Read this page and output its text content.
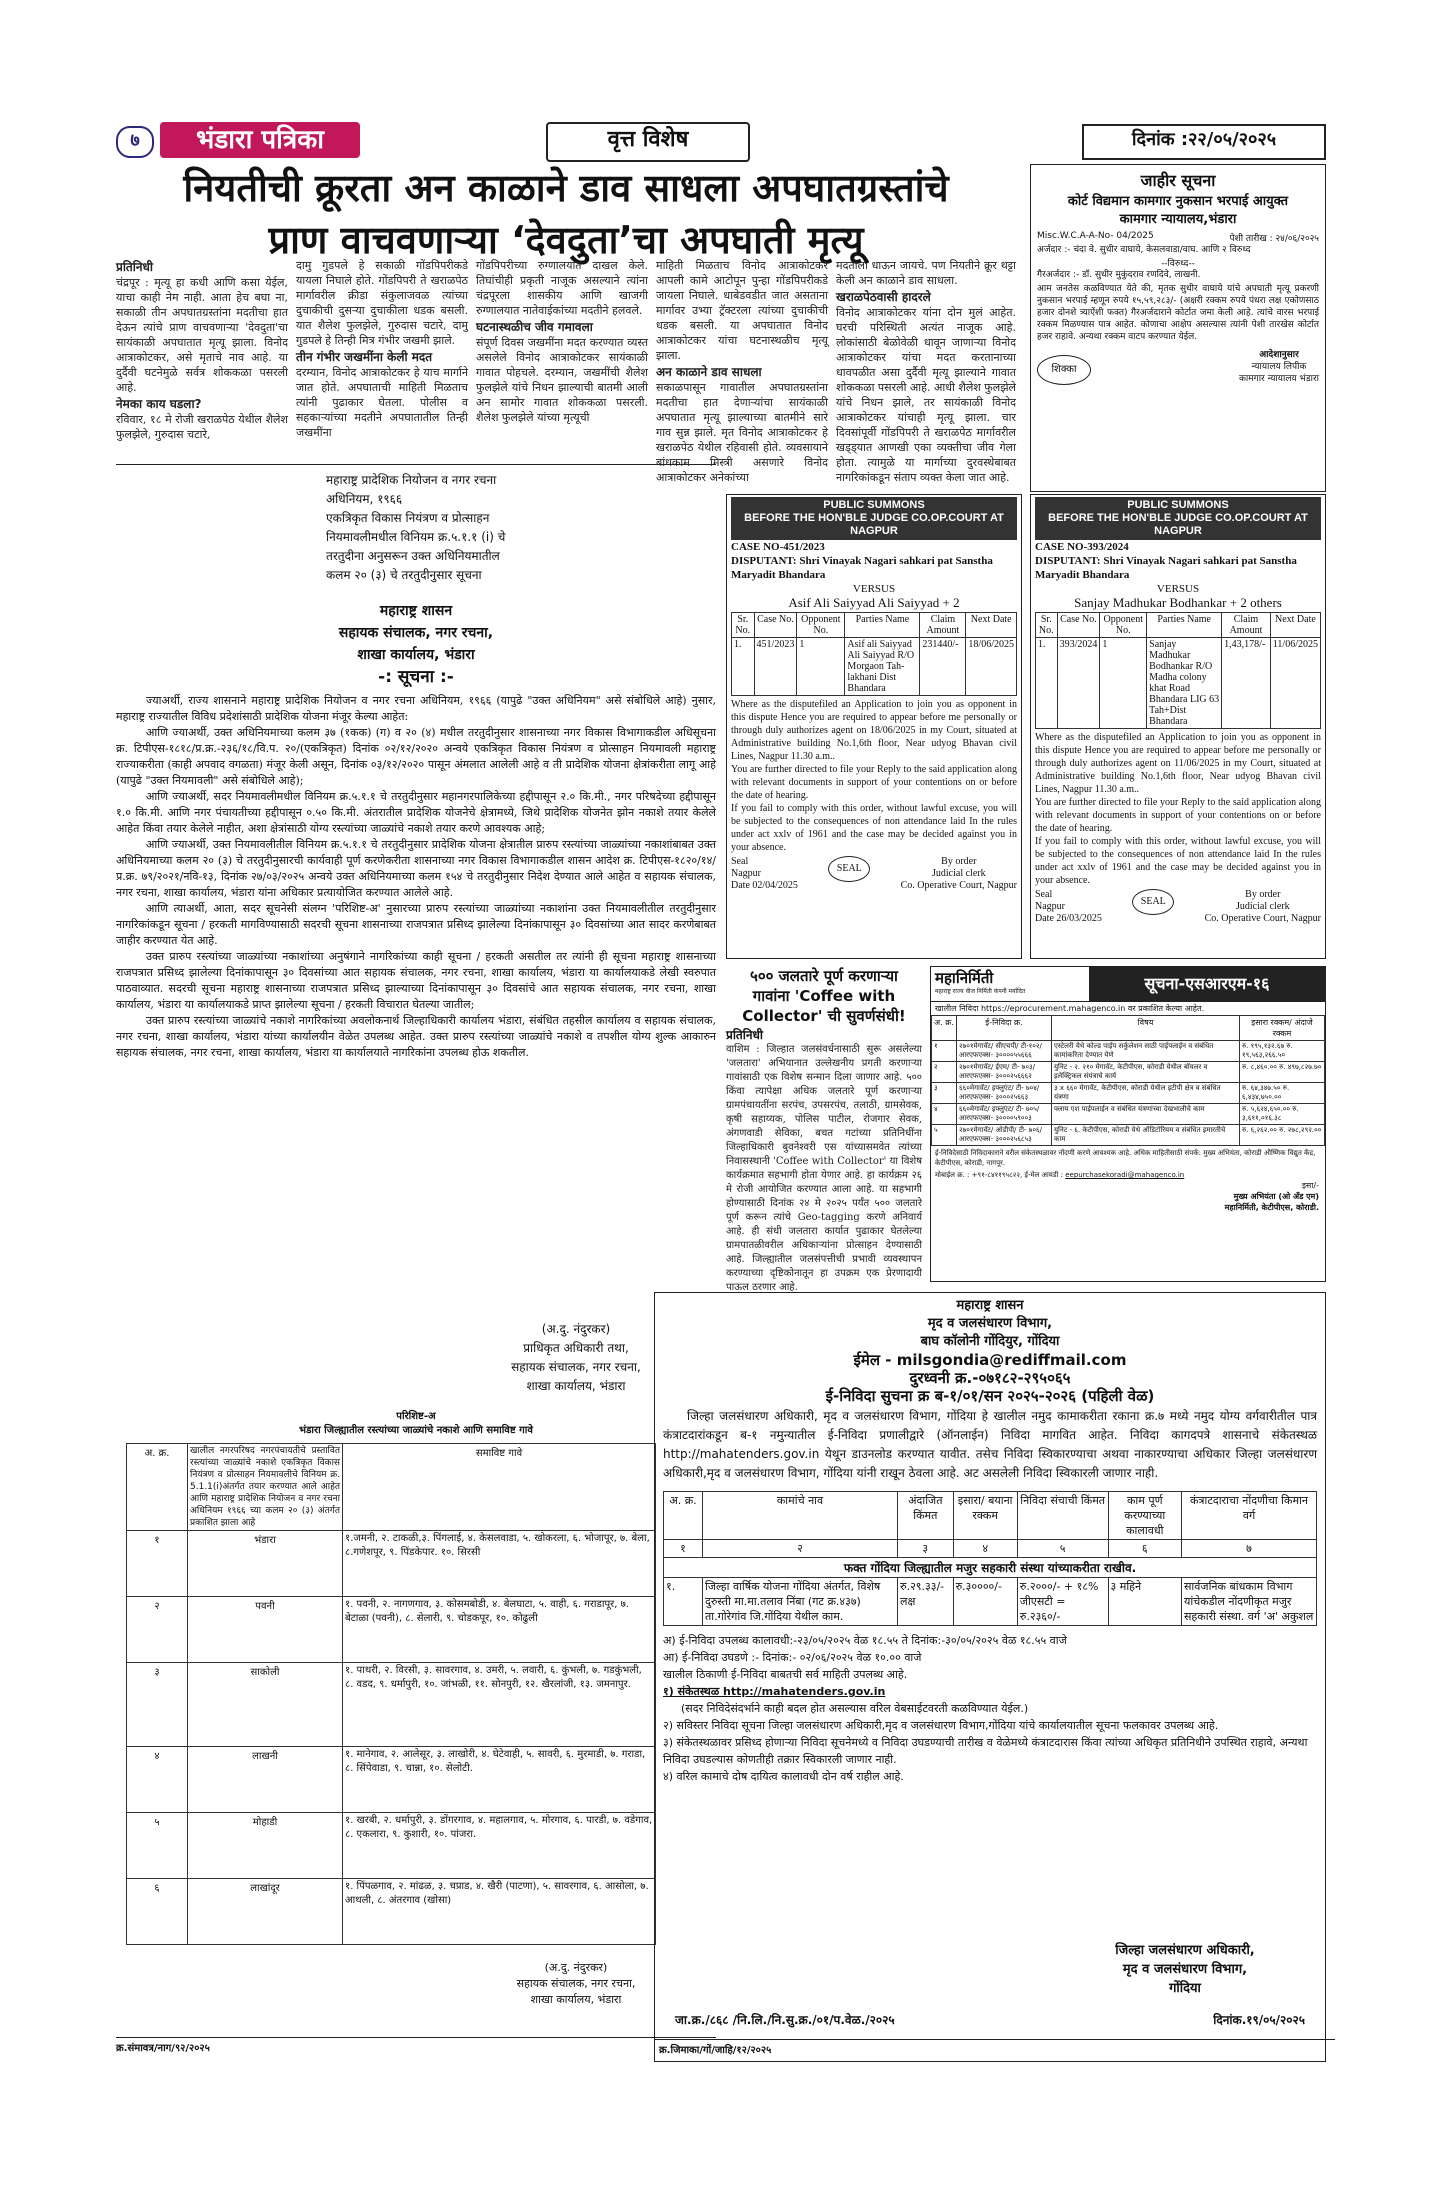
७	भंडारा पत्रिका	वृत्त विशेष	दिनांक :२२/०५/२०२५
नियतीची क्रूरता अन काळाने डाव साधला अपघातग्रस्तांचे
प्राण वाचवणाऱ्या ‘देवदुता’चा अपघाती मृत्यू
प्रतिनिधी
चंद्रपूर : मृत्यू हा कधी आणि कसा येईल, याचा काही नेम नाही. आता हेच बघा ना, सकाळी तीन अपघातग्रस्तांना मदतीचा हात देऊन त्यांचे प्राण वाचवणाऱ्या 'देवदुता'चा सायंकाळी अपघातात मृत्यू झाला. विनोद आत्राकोटकर, असे मृताचे नाव आहे. या दुर्दैवी घटनेमुळे सर्वत्र शोककळा पसरली आहे.
नेमका काय घडला?
रविवार, १८ मे रोजी खराळपेठ येथील शैलेश फुलझेले, गुरुदास चटारे,
दामु गुडपले हे सकाळी गोंडपिपरीकडे यायला निघाले होते. गोंडपिपरी ते खराळपेठ मार्गावरील क्रीडा संकुलाजवळ त्यांच्या दुचाकीची दुसऱ्या दुचाकीला धडक बसली. यात शैलेश फुलझेले, गुरुदास चटारे, दामु गुडपले हे तिन्ही मित्र गंभीर जखमी झाले.
तीन गंभीर जखमींना केली मदत
दरम्यान, विनोद आत्राकोटकर हे याच मार्गाने जात होते. अपघाताची माहिती मिळताच त्यांनी पुढाकार घेतला. पोलीस व सहकाऱ्यांच्या मदतीने अपघातातील तिन्ही जखमींना
गोंडपिपरीच्या रुग्णालयात दाखल केले. तिघांचीही प्रकृती नाजूक असल्याने त्यांना चंद्रपूरला शासकीय आणि खाजगी रुग्णालयात नातेवाईकांच्या मदतीने हलवले.
घटनास्थळीच जीव गमावला
संपूर्ण दिवस जखमींना मदत करण्यात व्यस्त असलेले विनोद आत्राकोटकर सायंकाळी गावात पोहचले. दरम्यान, जखमींची शैलेश फुलझेले यांचे निधन झाल्याची बातमी आली अन सामोर गावात शोककळा पसरली. शैलेश फुलझेले यांच्या मृत्यूची
माहिती मिळताच विनोद आत्राकोटकर आपली कामे आटोपून पुन्हा गोंडपिपरीकडे जायला निघाले. धाबेडवडीत जात असताना मार्गावर उभ्या ट्रॅक्टरला त्यांच्या दुचाकीची धडक बसली. या अपघातात विनोद आत्राकोटकर यांचा घटनास्थळीच मृत्यू झाला.
अन काळाने डाव साधला
सकाळपासून गावातील अपघातग्रस्तांना मदतीचा हात देणाऱ्यांचा सायंकाळी अपघातात मृत्यू झाल्याच्या बातमीने सारे गाव सुन्न झाले. मृत विनोद आत्राकोटकर हे खराळपेठ येथील रहिवासी होते. व्यवसायाने बांधकाम मिस्त्री असणारे विनोद आत्राकोटकर अनेकांच्या
मदतीला धाऊन जायचे. पण नियतीने क्रूर थट्टा केली अन काळाने डाव साधला.
खराळपेठवासी हादरले
विनोद आत्राकोटकर यांना दोन मुलं आहेत. घरची परिस्थिती अत्यंत नाजूक आहे. लोकांसाठी बेळोवेळी धावून जाणाऱ्या विनोद आत्राकोटकर यांचा मदत करतानाच्या धावपळीत असा दुर्दैवी मृत्यू झाल्याने गावात शोककळा पसरली आहे. आधी शैलेश फुलझेले यांचे निधन झाले, तर सायंकाळी विनोद आत्राकोटकर यांचाही मृत्यू झाला. चार दिवसांपूर्वी गोंडपिपरी ते खराळपेठ मार्गावरील खड्ड्यात आणखी एका व्यक्तीचा जीव गेला होता. त्यामुळे या मार्गाच्या दुरवस्थेबाबत नागरिकांकडून संताप व्यक्त केला जात आहे.
जाहीर सूचना
कोर्ट विद्यमान कामगार नुकसान भरपाई आयुक्त
कामगार न्यायालय,भंडारा
Misc.W.C.A-A-No- 04/2025	पेशी तारीख : २४/०६/२०२५
अर्जदार :- चंदा वे. सुधीर वाघाये, केसलवाडा/वाघ. आणि २ विरुध्द
--विरुध्द--
गैरअर्जदार :- डॉ. सुधीर मुकुंदराव रणदिवे, लाखनी.
आम जनतेस कळविण्यात येते की, मृतक सुधीर वाघाये यांचे अपघाती मृत्यू प्रकरणी नुकसान भरपाई म्हणून रुपये १५,५९,२८३/- (अक्षरी रक्कम रुपये पंधरा लक्ष एकोणसाठ हजार दोनशे त्र्याऐंशी फक्त) गैरअर्जदाराने कोर्टात जमा केली आहे. त्यांचे वारस भरपाई रक्कम मिळण्यास पात्र आहेत. कोणाचा आक्षेप असल्यास त्यांनी पेशी तारखेस कोर्टात हजर राहावे. अन्यथा रक्कम वाटप करण्यात येईल.
शिक्का
आदेशानुसार
न्यायालय लिपीक
कामगार न्यायालय भंडारा
PUBLIC SUMMONS
BEFORE THE HON'BLE JUDGE CO.OP.COURT AT NAGPUR
CASE NO-451/2023
DISPUTANT: Shri Vinayak Nagari sahkari pat Sanstha Maryadit Bhandara
VERSUS
Asif Ali Saiyyad Ali Saiyyad + 2
Sr. No.	Case No.	Opponent No.	Parties Name	Claim Amount	Next Date
1.	451/2023	1	Asif ali Saiyyad Ali Saiyyad R/O Morgaon Tah- lakhani Dist Bhandara	231440/-	18/06/2025
Where as the disputefiled an Application to join you as opponent in this dispute Hence you are required to appear before me personally or through duly authorizes agent on 18/06/2025 in my Court, situated at Administrative building No.1,6th floor, Near udyog Bhavan civil Lines, Nagpur 11.30 a.m..
You are further directed to file your Reply to the said application along with relevant documents in support of your contentions on or before the date of hearing.
If you fail to comply with this order, without lawful excuse, you will be subjected to the consequences of non attendance laid In the rules under act xxlv of 1961 and the case may be decided against you in your absence.
Seal
Nagpur
Date 02/04/2025
SEAL
By order
Judicial clerk
Co. Operative Court, Nagpur
PUBLIC SUMMONS
BEFORE THE HON'BLE JUDGE CO.OP.COURT AT NAGPUR
CASE NO-393/2024
DISPUTANT: Shri Vinayak Nagari sahkari pat Sanstha Maryadit Bhandara
VERSUS
Sanjay Madhukar Bodhankar + 2 others
Sr. No.	Case No.	Opponent No.	Parties Name	Claim Amount	Next Date
1.	393/2024	1	Sanjay Madhukar Bodhankar R/O Madha colony khat Road Bhandara LIG 63 Tah+Dist Bhandara	1,43,178/-	11/06/2025
Where as the disputefiled an Application to join you as opponent in this dispute Hence you are required to appear before me personally or through duly authorizes agent on 11/06/2025 in my Court, situated at Administrative building No.1,6th floor, Near udyog Bhavan civil Lines, Nagpur 11.30 a.m..
You are further directed to file your Reply to the said application along with relevant documents in support of your contentions on or before the date of hearing.
If you fail to comply with this order, without lawful excuse, you will be subjected to the consequences of non attendance laid In the rules under act xxlv of 1961 and the case may be decided against you in your absence.
Seal
Nagpur
Date 26/03/2025
SEAL
By order
Judicial clerk
Co. Operative Court, Nagpur
महाराष्ट्र प्रादेशिक नियोजन व नगर रचना
अधिनियम, १९६६
एकत्रिकृत विकास नियंत्रण व प्रोत्साहन
नियमावलीमधील विनियम क्र.५.१.१ (i) चे
तरतुदीना अनुसरून उक्त अधिनियमातील
कलम २० (३) चे तरतुदीनुसार सूचना
महाराष्ट्र शासन
सहायक संचालक, नगर रचना,
शाखा कार्यालय, भंडारा
-: सूचना :-
ज्याअर्थी, राज्य शासनाने महाराष्ट्र प्रादेशिक नियोजन व नगर रचना अधिनियम, १९६६ (यापुढे "उक्त अधिनियम" असे संबोधिले आहे) नुसार, महाराष्ट्र राज्यातील विविध प्रदेशांसाठी प्रादेशिक योजना मंजूर केल्या आहेत:
आणि ज्याअर्थी, उक्त अधिनियमाच्या कलम ३७ (१कक) (ग) व २० (४) मधील तरतुदीनुसार शासनाच्या नगर विकास विभागाकडील अधिसूचना क्र. टिपीएस-१८१८/प्र.क्र.-२३६/१८/वि.प. २०/(एकत्रिकृत) दिनांक ०२/१२/२०२० अन्वये एकत्रिकृत विकास नियंत्रण व प्रोत्साहन नियमावली महाराष्ट्र राज्याकरीता (काही अपवाद वगळता) मंजूर केली असून, दिनांक ०३/१२/२०२० पासून अंमलात आलेली आहे व ती प्रादेशिक योजना क्षेत्रांकरीता लागू आहे (यापुढे "उक्त नियमावली" असे संबोधिले आहे);
आणि ज्याअर्थी, सदर नियमावलीमधील विनियम क्र.५.१.१ चे तरतुदीनुसार महानगरपालिकेच्या हद्दीपासून २.० कि.मी., नगर परिषदेच्या हद्दीपासून १.० कि.मी. आणि नगर पंचायतीच्या हद्दीपासून ०.५० कि.मी. अंतरातील प्रादेशिक योजनेचे क्षेत्रामध्ये, जिथे प्रादेशिक योजनेत झोन नकाशे तयार केलेले आहेत किंवा तयार केलेले नाहीत, अशा क्षेत्रांसाठी योग्य रस्त्यांच्या जाळ्यांचे नकाशे तयार करणे आवश्यक आहे;
आणि ज्याअर्थी, उक्त नियमावलीतील विनियम क्र.५.१.१ चे तरतुदीनुसार प्रादेशिक योजना क्षेत्रातील प्रारुप रस्त्यांच्या जाळ्यांच्या नकाशांबाबत उक्त अधिनियमाच्या कलम २० (३) चे तरतुदीनुसारची कार्यवाही पूर्ण करणेकरीता शासनाच्या नगर विकास विभागाकडील शासन आदेश क्र. टिपीएस-१८२०/१४/प्र.क्र. ७९/२०२१/नवि-१३, दिनांक २७/०३/२०२५ अन्वये उक्त अधिनियमाच्या कलम १५४ चे तरतुदीनुसार निदेश देण्यात आले आहेत व सहायक संचालक, नगर रचना, शाखा कार्यालय, भंडारा यांना अधिकार प्रत्यायोजित करण्यात आलेले आहे.
आणि त्याअर्थी, आता, सदर सूचनेसी संलग्न 'परिशिष्ट-अ' नुसारच्या प्रारुप रस्त्यांच्या जाळ्यांच्या नकाशांना उक्त नियमावलीतील तरतुदीनुसार नागरिकांकडून सूचना / हरकती मागविण्यासाठी सदरची सूचना शासनाच्या राजपत्रात प्रसिध्द झालेल्या दिनांकापासून ३० दिवसांच्या आत सादर करणेबाबत जाहीर करण्यात येत आहे.
उक्त प्रारुप रस्त्यांच्या जाळ्यांच्या नकाशांच्या अनुषंगाने नागरिकांच्या काही सूचना / हरकती असतील तर त्यांनी ही सूचना महाराष्ट्र शासनाच्या राजपत्रात प्रसिध्द झालेल्या दिनांकापासून ३० दिवसांच्या आत सहायक संचालक, नगर रचना, शाखा कार्यालय, भंडारा या कार्यालयाकडे लेखी स्वरुपात पाठवाव्यात. सदरची सूचना महाराष्ट्र शासनाच्या राजपत्रात प्रसिध्द झाल्याच्या दिनांकापासून ३० दिवसांचे आत सहायक संचालक, नगर रचना, शाखा कार्यालय, भंडारा या कार्यालयाकडे प्राप्त झालेल्या सूचना / हरकती विचारात घेतल्या जातील;
उक्त प्रारुप रस्त्यांच्या जाळ्यांचे नकाशे नागरिकांच्या अवलोकनार्थ जिल्हाधिकारी कार्यालय भंडारा, संबंधित तहसील कार्यालय व सहायक संचालक, नगर रचना, शाखा कार्यालय, भंडारा यांच्या कार्यालयीन वेळेत उपलब्ध आहेत. उक्त प्रारुप रस्त्यांच्या जाळ्यांचे नकाशे व तपशील योग्य शुल्क आकारुन सहायक संचालक, नगर रचना, शाखा कार्यालय, भंडारा या कार्यालयाते नागरिकांना उपलब्ध होऊ शकतील.
(अ.दु. नंदुरकर)
प्राधिकृत अधिकारी तथा,
सहायक संचालक, नगर रचना,
शाखा कार्यालय, भंडारा
परिशिष्ट-अ
भंडारा जिल्ह्यातील रस्त्यांच्या जाळ्यांचे नकाशे आणि समाविष्ट गावे
अ. क्र.	खालील नगरपरिषद नगरपंचायतीचे प्रस्तावित रस्त्यांच्या जाळ्यांचे नकाशे एकत्रिकृत विकास नियंत्रण व प्रोत्साहन नियमावलीचे विनियम क्र. 5.1.1(i)अंतर्गत तयार करण्यात आले आहेत आणि महाराष्ट्र प्रादेशिक नियोजन व नगर रचना अधिनियम १९६६ च्या कलम २० (३) अंतर्गत प्रकाशित झाला आहे	समाविष्ट गावे
१	भंडारा	१.जमनी, २. टाकळी,३. पिंगलाई, ४. केसलवाडा, ५. खोकरला, ६. भोजापूर, ७. बेला, ८.गणेशपूर, ९. पिंडकेपार. १०. सिरसी
२	पवनी	१. पवनी, २. नागणगाव, ३. कोसमबोडी, ४. बेलघाटा, ५. वाही, ६. गराडापूर, ७. बेटाळा (पवनी), ८. सेलारी, ९. चोडकपूर, १०. कोढुली
३	साकोली	१. पाथरी, २. विरसी, ३. सावरगाव, ४. उमरी, ५. लवारी, ६. कुंभली, ७. गडकुंभली, ८. वडद, ९. धर्मापुरी, १०. जांभळी, ११. सोनपुरी, १२. खैरलांजी, १३. जमनापुर.
४	लाखनी	१. मानेगाव, २. आलेसूर, ३. लाखोरी, ४. घेटेवाही, ५. सावरी, ६. मुरमाडी, ७. गराडा, ८. सिंपेवाडा, ९. चान्ना, १०. सेलोटी.
५	मोहाडी	१. खरबी, २. धर्मापुरी, ३. डोंगरगाव, ४. महालगाव, ५. मोरगाव, ६. पारडी, ७. वडेगाव, ८. एकलारा, ९. कुशारी, १०. पांजरा.
६	लाखांदूर	१. पिंपळगाव, २. मांढळ, ३. चप्राड, ४. खैरी (पाटणा), ५. सावरगाव, ६. आसोला, ७. आथली, ८. अंतरगाव (खोसा)
(अ.दु. नंदुरकर)
सहायक संचालक, नगर रचना,
शाखा कार्यालय, भंडारा
क्र.संमावत्र/नाग/९२/२०२५
५०० जलतारे पूर्ण करणाऱ्या
गावांना 'Coffee with
Collector' ची सुवर्णसंधी!
प्रतिनिधी
वाशिम : जिल्हात जलसंवर्धनासाठी सुरू असलेल्या 'जलतारा' अभियानात उल्लेखनीय प्रगती करणाऱ्या गावांसाठी एक विशेष सन्मान दिला जाणार आहे. ५०० किंवा त्यापेक्षा अधिक जलतारे पूर्ण करणाऱ्या ग्रामपंचायतींना सरपंच, उपसरपंच, तलाठी, ग्रामसेवक, कृषी सहाय्यक, पोलिस पाटील, रोजगार सेवक, अंगणवाडी सेविका, बचत गटांच्या प्रतिनिधींना जिल्हाधिकारी बुवनेश्वरी एस यांच्यासमवेत त्यांच्या निवासस्थानी 'Coffee with Collector' या विशेष कार्यक्रमात सहभागी होता येणार आहे. हा कार्यक्रम २६ मे रोजी आयोजित करण्यात आला आहे. या सहभागी होण्यासाठी दिनांक २४ मे २०२५ पर्यंत ५०० जलतारे पूर्ण करून त्यांचे Geo-tagging करणे अनिवार्य आहे. ही संधी जलतारा कार्यात पुढाकार घेतलेल्या ग्रामपातळीवरील अधिकाऱ्यांना प्रोत्साहन देण्यासाठी आहे. जिल्ह्यातील जलसंपत्तीची प्रभावी व्यवस्थापन करण्याच्या दृष्टिकोनातून हा उपक्रम एक प्रेरणादायी पाऊल ठरणार आहे.
महानिर्मिती
महाराष्ट्र राज्य वीज निर्मिती कंपनी मर्यादित	सूचना-एसआरएम-१६
खालील निविदा https://eprocurement.mahagenco.in वर प्रकाशित केल्या आहेत.
अ. क्र.	ई-निविदा क्र.	विषय	इसारा रक्कम/ अंदाजे रक्कम
१	२७०१मेगावॅट/ सीएचपी/ टी-१०२/ आरएफएक्स- ३००००५५६६६	एस्टेलरी येथे कोल्ड पाईप सर्कुलेशन साठी पाईपलाईन व संबंधित कामांकरिता देण्यात येणे	रु. १९५,१३२.६७ रु. १९,५६३,२६६.५०
२	२७०१मेगावॅट/ ईएम/ टी- ७०३/ आरएफएक्स- ३०००२५६६६२	युनिट - २. २१० मेगावॅट, केटीपीएस, कोराडी येथील बॉयलर व इलेक्ट्रिकल संयंत्राचे कार्य	रु. ८,४६०.०० रु. ४९७,८२७.७०
३	६६०मेगावॅट/ इफ्लुएंट/ टी- ७०४/ आरएफएक्स- ३०००२५६६३	३ x ६६० मेगावॅट, केटीपीएस, कोराडी येथील इटीपी क्षेत्र व संबंधित यंत्रणा	रु. ६४,३४७.५० रु. ६,४३४,७५०.००
४	६६०मेगावॅट/ इफ्लुएंट/ टी- ७०५/ आरएफएक्स- ३००००५९००३	फ्लाय एश पाईपलाईन व संबंधित यंत्रणांच्या देखभालीचे काम	रु. ५,६२४,६५०.०० रु. ३,६११,०१६.३८
५	२७०१मेगावॅट/ ओडीपी/ टी- ७०६/ आरएफएक्स- ३०००२५६८५३	युनिट - ६. केटीपीएस, कोराडी येथे ऑडिटोरियम व संबंधित इमारतीचे काम	रु. ६,२६२.०० रु. २७८,२९२.००
ई-निविदेसाठी निविदाकाराने वरील संकेतस्थळावर नोंदणी करणे आवश्यक आहे. अधिक माहितीसाठी संपर्क: मुख्य अभियंता, कोराडी औष्णिक विद्युत केंद्र, केटीपीएस, कोराडी, नागपूर.
मोबाईल क्र. : +९१-८४११९५८२२, ई-मेल आयडी : eepurchasekoradi@mahagenco.in
इसा/-
मुख्य अभियंता (ओ अँड एम)
महानिर्मिती, केटीपीएस, कोराडी.
महाराष्ट्र शासन
मृद व जलसंधारण विभाग,
बाघ कॉलोनी गोंदियुर, गोंदिया
ईमेल - milsgondia@rediffmail.com
दुरध्वनी क्र.-०७१८२-२९५०६५
ई-निविदा सुचना क्र ब-१/०१/सन २०२५-२०२६ (पहिली वेळ)
जिल्हा जलसंधारण अधिकारी, मृद व जलसंधारण विभाग, गोंदिया हे खालील नमुद कामाकरीता रकाना क्र.७ मध्ये नमुद योग्य वर्गवारीतील पात्र कंत्राटदारांकडून ब-१ नमुन्यातील ई-निविदा प्रणालीद्वारे (ऑनलाईन) निविदा मागवित आहेत. निविदा कागदपत्रे शासनाचे संकेतस्थळ http://mahatenders.gov.in येथून डाउनलोड करण्यात यावीत. तसेच निविदा स्विकारण्याचा अथवा नाकारण्याचा अधिकार जिल्हा जलसंधारण अधिकारी,मृद व जलसंधारण विभाग, गोंदिया यांनी राखून ठेवला आहे. अट असलेली निविदा स्विकारली जाणार नाही.
अ. क्र.	कामांचे नाव	अंदाजित किंमत	इसारा/ बयाना रक्कम	निविदा संचाची किंमत	काम पूर्ण करण्याच्या कालावधी	कंत्राटदाराचा नोंदणीचा किमान वर्ग
१	२	३	४	५	६	७
फक्त गोंदिया जिल्ह्यातील मजुर सहकारी संस्था यांच्याकरीता राखीव.						
१.	जिल्हा वार्षिक योजना गोंदिया अंतर्गत, विशेष दुरुस्ती मा.मा.तलाव निंबा (गट क्र.४३७) ता.गोरेगांव जि.गोंदिया येथील काम.	रु.२९.३३/- लक्ष	रु.३००००/-	रु.२०००/- + १८% जीएसटी = रु.२३६०/-	३ महिने	सार्वजनिक बांधकाम विभाग यांचेकडील नोंदणीकृत मजुर सहकारी संस्था. वर्ग 'अ' अकुशल
अ) ई-निविदा उपलब्ध कालावधी:-२३/०५/२०२५ वेळ १८.५५ ते दिनांक:-३०/०५/२०२५ वेळ १८.५५ वाजे
आ) ई-निविदा उघडणे :- दिनांक:- ०२/०६/२०२५ वेळ १०.०० वाजे
खालील ठिकाणी ई-निविदा बाबतची सर्व माहिती उपलब्ध आहे.
१) संकेतस्थळ http://mahatenders.gov.in
(सदर निविदेसंदर्भाने काही बदल होत असल्यास वरिल वेबसाईटवरती कळविण्यात येईल.)
२) सविस्तर निविदा सूचना जिल्हा जलसंधारण अधिकारी,मृद व जलसंधारण विभाग,गोंदिया यांचे कार्यालयातील सूचना फलकावर उपलब्ध आहे.
३) संकेतस्थळावर प्रसिध्द होणाऱ्या निविदा सूचनेमध्ये व निविदा उघडण्याची तारीख व वेळेमध्ये कंत्राटदारास किंवा त्यांच्या अधिकृत प्रतिनिधीने उपस्थित राहावे, अन्यथा निविदा उघडल्यास कोणतीही तक्रार स्विकारली जाणार नाही.
४) वरिल कामाचे दोष दायित्व कालावधी दोन वर्ष राहील आहे.
जिल्हा जलसंधारण अधिकारी,
मृद व जलसंधारण विभाग,
गोंदिया
जा.क्र./८६८ /नि.लि./नि.सु.क्र./०१/प.वेळ./२०२५	दिनांक.१९/०५/२०२५
क्र.जिमाका/गों/जाहि/१२/२०२५
